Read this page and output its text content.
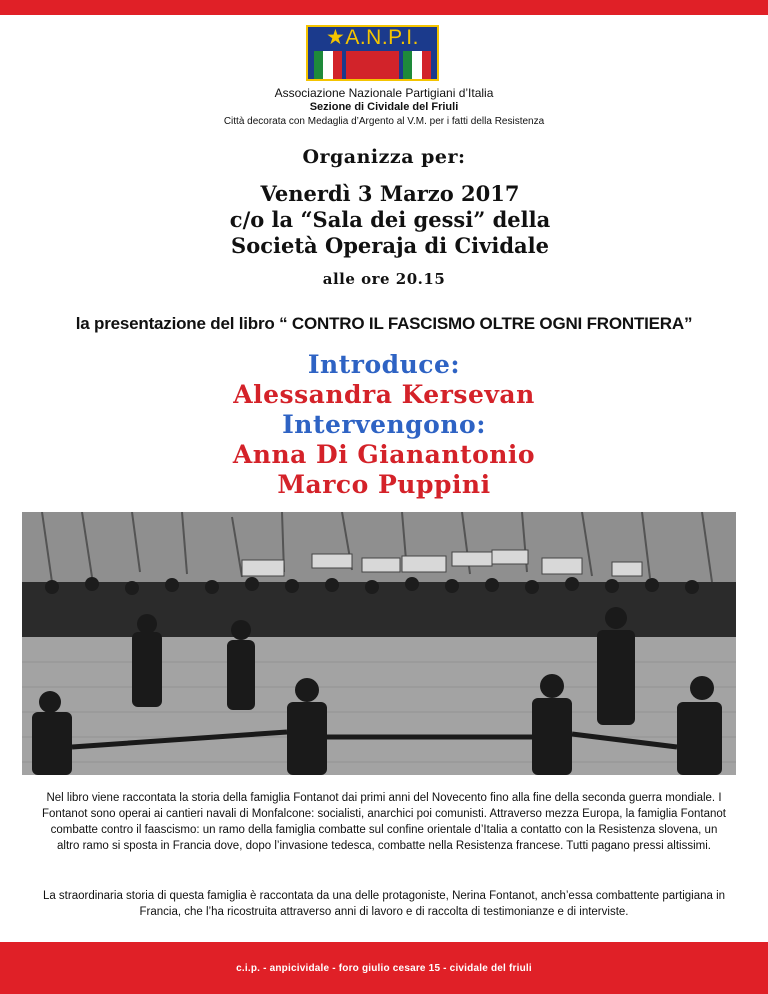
★A.N.P.I.
Associazione Nazionale Partigiani d’Italia
Sezione di Cividale del Friuli
Città decorata con Medaglia d’Argento al V.M. per i fatti della Resistenza
Organizza per:
Venerdì 3 Marzo 2017
c/o la “Sala dei gessi” della
Società Operaja di Cividale
alle ore 20.15
la presentazione del libro “ CONTRO IL FASCISMO OLTRE OGNI FRONTIERA”
Introduce:
Alessandra Kersevan
Intervengono:
Anna Di Gianantonio
Marco Puppini
Nel libro viene raccontata la storia della famiglia Fontanot dai primi anni del Novecento fino alla fine della seconda guerra mondiale. I Fontanot sono operai ai cantieri navali di Monfalcone: socialisti, anarchici poi comunisti. Attraverso mezza Europa, la famiglia Fontanot combatte contro il faascismo: un ramo della famiglia combatte sul confine orientale d’Italia a contatto con la Resistenza slovena, un altro ramo si sposta in Francia dove, dopo l’invasione tedesca, combatte nella Resistenza francese. Tutti pagano pressi altissimi.
La straordinaria storia di questa famiglia è raccontata da una delle protagoniste, Nerina Fontanot, anch’essa combattente partigiana in Francia, che l’ha ricostruita attraverso anni di lavoro e di raccolta di testimonianze e di interviste.
c.i.p. - anpicividale - foro giulio cesare 15 - cividale del friuli
